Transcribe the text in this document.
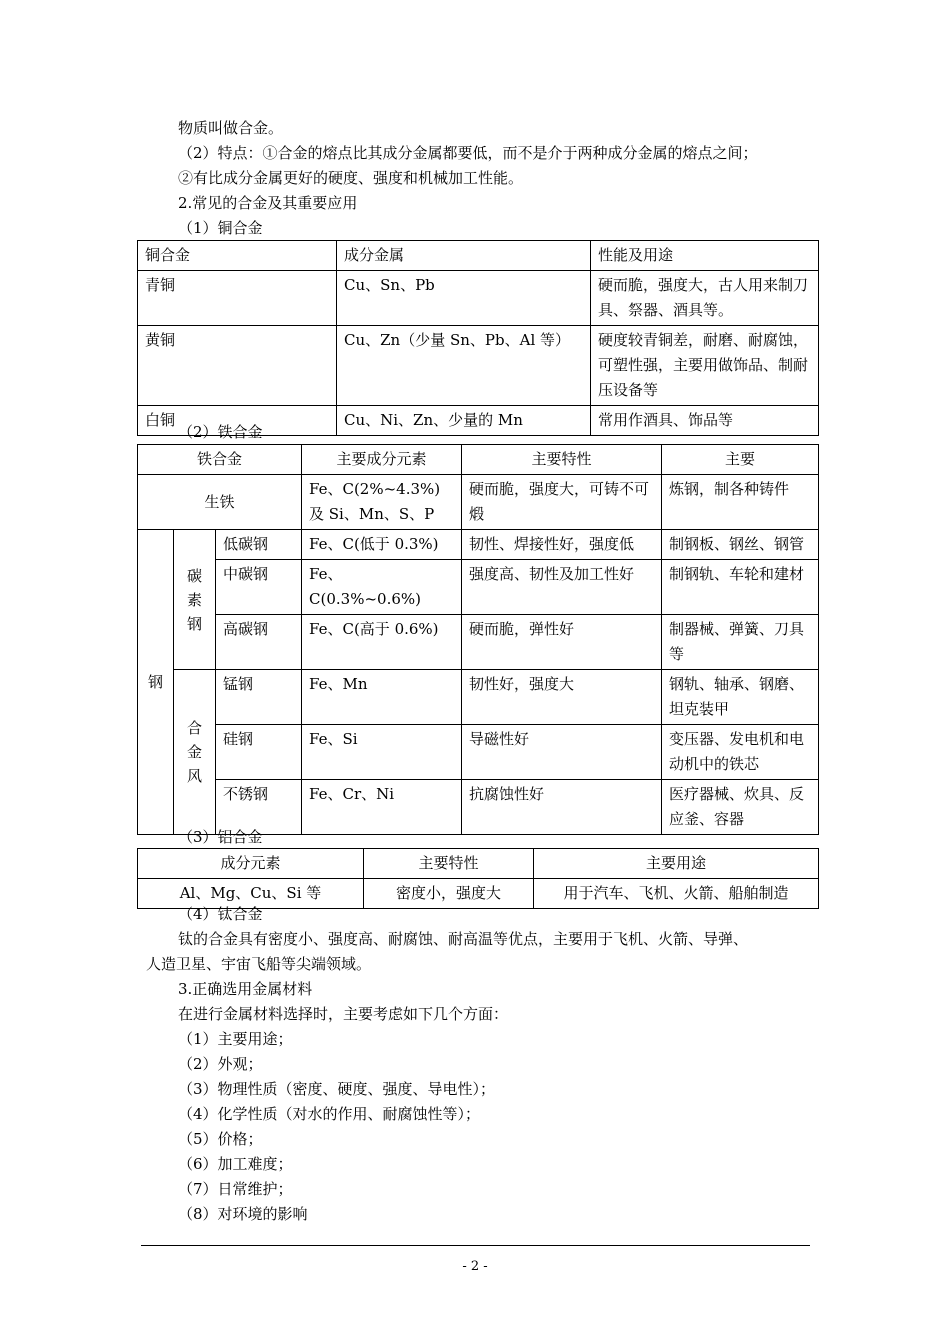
物质叫做合金。
（2）特点：①合金的熔点比其成分金属都要低，而不是介于两种成分金属的熔点之间；
②有比成分金属更好的硬度、强度和机械加工性能。
2.常见的合金及其重要应用
（1）铜合金
铜合金	成分金属	性能及用途
青铜	Cu、Sn、Pb	硬而脆，强度大，古人用来制刀具、祭器、酒具等。
黄铜	Cu、Zn（少量 Sn、Pb、Al 等）	硬度较青铜差，耐磨、耐腐蚀，可塑性强，主要用做饰品、制耐压设备等
白铜	Cu、Ni、Zn、少量的 Mn	常用作酒具、饰品等
（2）铁合金
铁合金			主要成分元素	主要特性	主要
生铁			Fe、C(2%~4.3%)及 Si、Mn、S、P	硬而脆，强度大，可铸不可煅	炼钢，制各种铸件

钢	碳素钢	低碳钢	Fe、C(低于 0.3%)	韧性、焊接性好，强度低	制钢板、钢丝、钢管
		中碳钢	Fe、C(0.3%~0.6%)	强度高、韧性及加工性好	制钢轨、车轮和建材
		高碳钢	Fe、C(高于 0.6%)	硬而脆，弹性好	制器械、弹簧、刀具等

	合金风	锰钢	Fe、Mn	韧性好，强度大	钢轨、轴承、钢磨、坦克装甲
		硅钢	Fe、Si	导磁性好	变压器、发电机和电动机中的铁芯
		不锈钢	Fe、Cr、Ni	抗腐蚀性好	医疗器械、炊具、反应釜、容器
（3）铝合金
成分元素	主要特性	主要用途
Al、Mg、Cu、Si 等	密度小，强度大	用于汽车、飞机、火箭、船舶制造
（4）钛合金
钛的合金具有密度小、强度高、耐腐蚀、耐高温等优点，主要用于飞机、火箭、导弹、
人造卫星、宇宙飞船等尖端领域。
3.正确选用金属材料
在进行金属材料选择时，主要考虑如下几个方面：
（1）主要用途；
（2）外观；
（3）物理性质（密度、硬度、强度、导电性）；
（4）化学性质（对水的作用、耐腐蚀性等）；
（5）价格；
（6）加工难度；
（7）日常维护；
（8）对环境的影响
- 2 -
